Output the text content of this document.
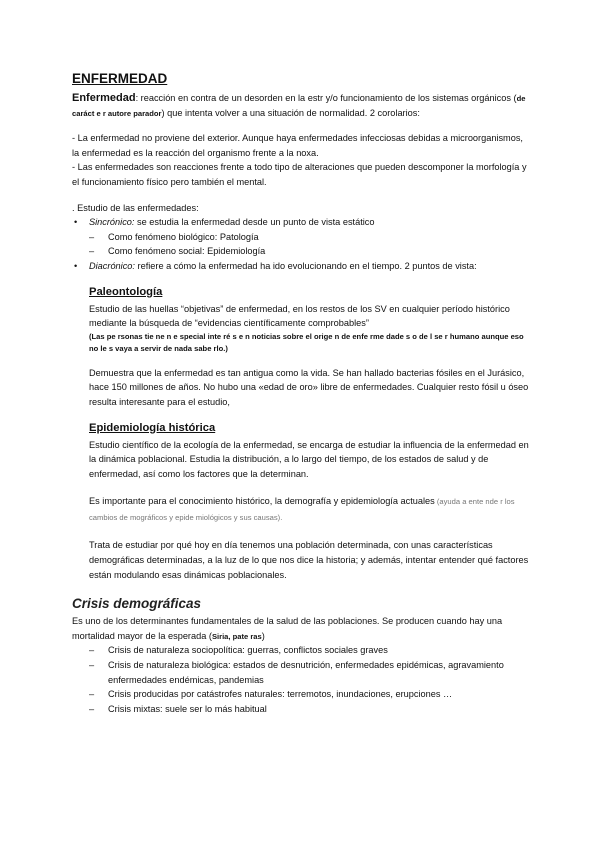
ENFERMEDAD

Enfermedad: reacción en contra de un desorden en la estr y/o funcionamiento de los sistemas orgánicos (de caráct e r autore parador) que intenta volver a una situación de normalidad. 2 corolarios:

- La enfermedad no proviene del exterior. Aunque haya enfermedades infecciosas debidas a microorganismos, la enfermedad es la reacción del organismo frente a la noxa.

- Las enfermedades son reacciones frente a todo tipo de alteraciones que pueden descomponer la morfología y el funcionamiento físico pero también el mental.

. Estudio de las enfermedades:

• Sincrónico: se estudia la enfermedad desde un punto de vista estático
– Como fenómeno biológico: Patología
– Como fenómeno social: Epidemiología
• Diacrónico: refiere a cómo la enfermedad ha ido evolucionando en el tiempo. 2 puntos de vista:
Paleontología

Estudio de las huellas “objetivas” de enfermedad, en los restos de los SV en cualquier período histórico mediante la búsqueda de “evidencias científicamente comprobables”

(Las pe rsonas tie ne n e special inte ré s e n noticias sobre el orige n de enfe rme dade s o de l se r humano aunque eso no le s vaya a servir de nada sabe rlo.)

Demuestra que la enfermedad es tan antigua como la vida. Se han hallado bacterias fósiles en el Jurásico, hace 150 millones de años. No hubo una «edad de oro» libre de enfermedades. Cualquier resto fósil u óseo resulta interesante para el estudio,

Epidemiología histórica

Estudio científico de la ecología de la enfermedad, se encarga de estudiar la influencia de la enfermedad en la dinámica poblacional. Estudia la distribución, a lo largo del tiempo, de los estados de salud y de enfermedad, así como los factores que la determinan.

Es importante para el conocimiento histórico, la demografía y epidemiología actuales (ayuda a ente nde r los cambios de mográficos y epide miológicos y sus causas).

Trata de estudiar por qué hoy en día tenemos una población determinada, con unas características demográficas determinadas, a la luz de lo que nos dice la historia; y además, intentar entender qué factores están modulando esas dinámicas poblacionales.

Crisis demográficas

Es uno de los determinantes fundamentales de la salud de las poblaciones. Se producen cuando hay una mortalidad mayor de la esperada (Siria, pate ras)

– Crisis de naturaleza sociopolítica: guerras, conflictos sociales graves
– Crisis de naturaleza biológica: estados de desnutrición, enfermedades epidémicas, agravamiento enfermedades endémicas, pandemias
– Crisis producidas por catástrofes naturales: terremotos, inundaciones, erupciones …
– Crisis mixtas: suele ser lo más habitual
